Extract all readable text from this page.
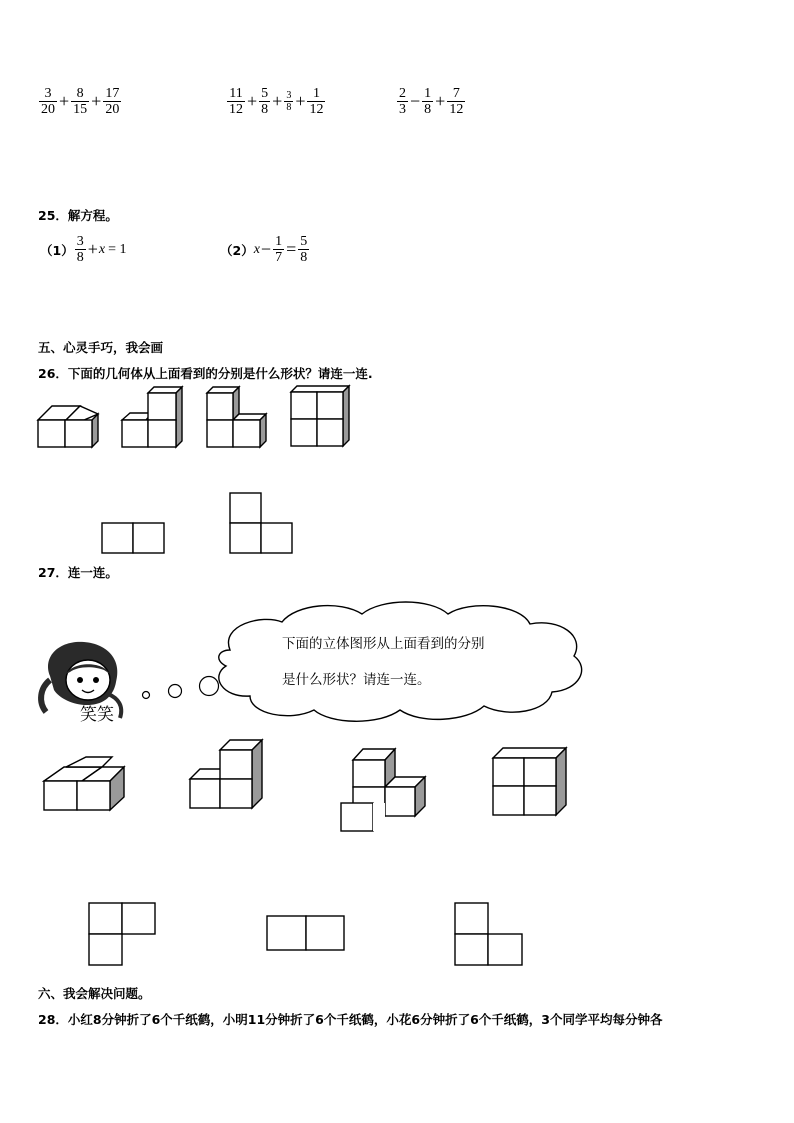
$\frac{3}{20} + \frac{8}{15} + \frac{17}{20}$	$\frac{11}{12} + \frac{5}{8} + \frac{3}{8} + \frac{1}{12}$	$\frac{2}{3} - \frac{1}{8} + \frac{7}{12}$
25．解方程。
$(1) \frac{3}{8} + x = 1$	（2） $x - \frac{1}{7} = \frac{5}{8}$
五、心灵手巧，我会画
26．下面的几何体从上面看到的分别是什么形状？请连一连.
27．连一连。
笑笑
下面的立体图形从上面看到的分别
是什么形状？请连一连。
六、我会解决问题。
28．小红8分钟折了6个千纸鹤，小明11分钟折了6个千纸鹤，小花6分钟折了6个千纸鹤，3个同学平均每分钟各
